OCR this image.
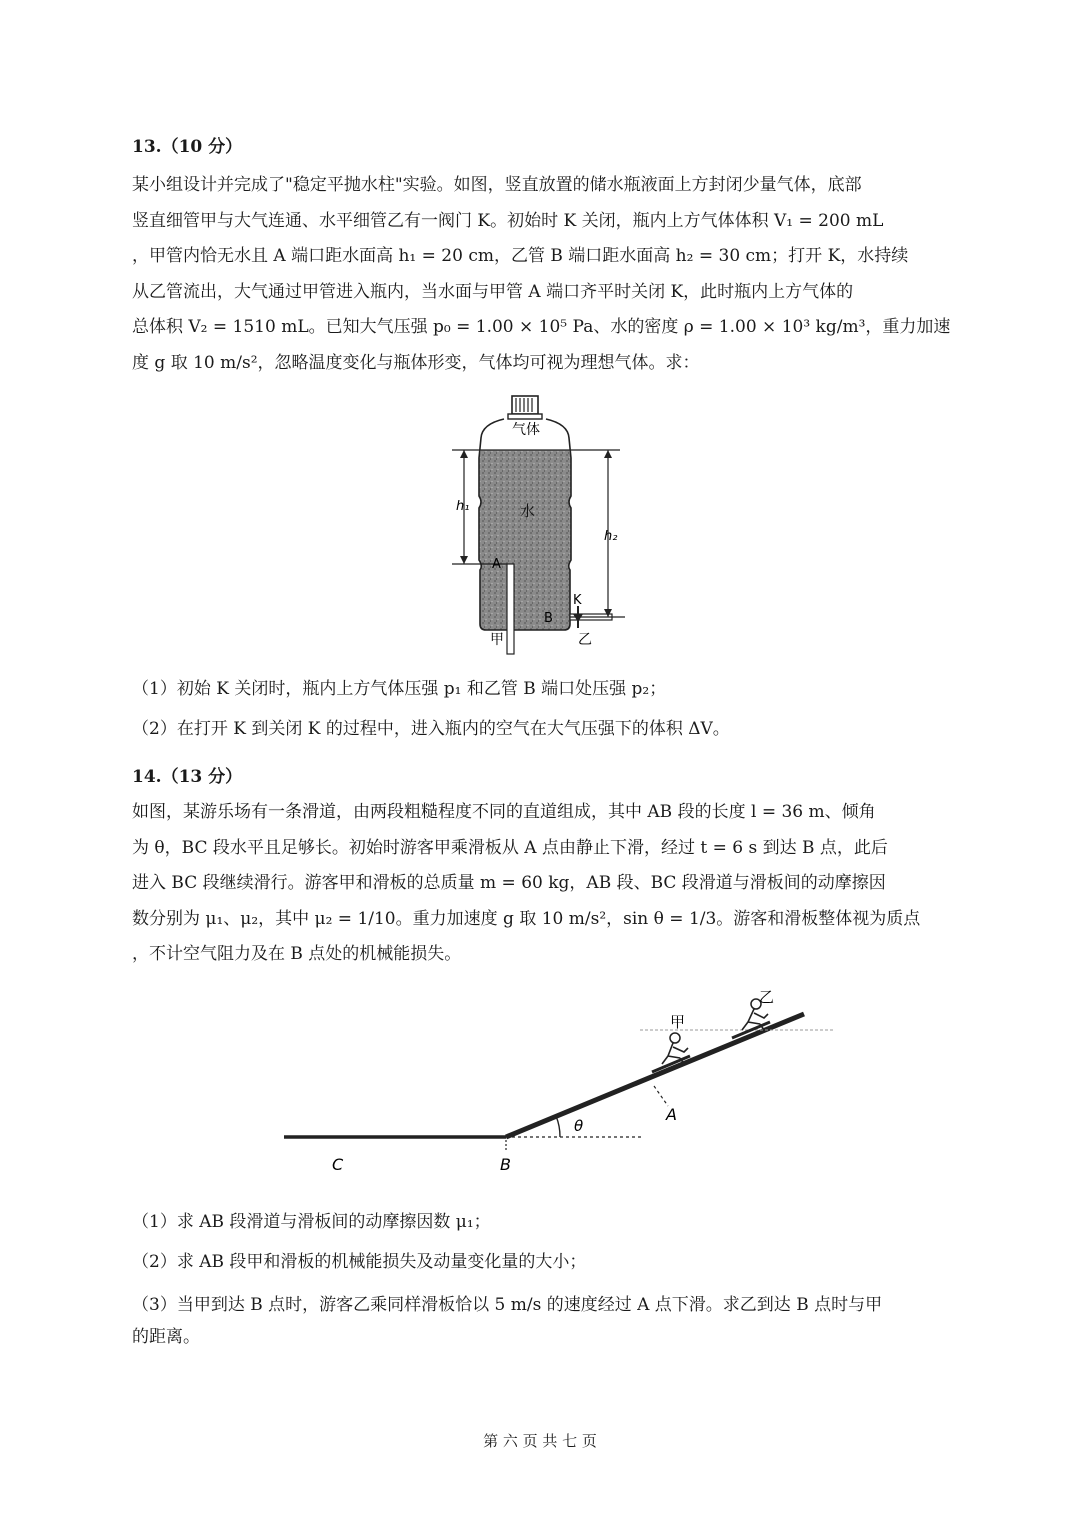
13.（10 分）
某小组设计并完成了"稳定平抛水柱"实验。如图，竖直放置的储水瓶液面上方封闭少量气体，底部
竖直细管甲与大气连通、水平细管乙有一阀门 K。初始时 K 关闭，瓶内上方气体体积 V₁ = 200 mL
，甲管内恰无水且 A 端口距水面高 h₁ = 20 cm，乙管 B 端口距水面高 h₂ = 30 cm；打开 K，水持续
从乙管流出，大气通过甲管进入瓶内，当水面与甲管 A 端口齐平时关闭 K，此时瓶内上方气体的
总体积 V₂ = 1510 mL。已知大气压强 p₀ = 1.00 × 10⁵ Pa、水的密度 ρ = 1.00 × 10³ kg/m³，重力加速
度 g 取 10 m/s²，忽略温度变化与瓶体形变，气体均可视为理想气体。求：
气体
水
h₁
h₂
A
B
K
甲	乙
（1）初始 K 关闭时，瓶内上方气体压强 p₁ 和乙管 B 端口处压强 p₂；
（2）在打开 K 到关闭 K 的过程中，进入瓶内的空气在大气压强下的体积 ΔV。
14.（13 分）
如图，某游乐场有一条滑道，由两段粗糙程度不同的直道组成，其中 AB 段的长度 l = 36 m、倾角
为 θ，BC 段水平且足够长。初始时游客甲乘滑板从 A 点由静止下滑，经过 t = 6 s 到达 B 点，此后
进入 BC 段继续滑行。游客甲和滑板的总质量 m = 60 kg，AB 段、BC 段滑道与滑板间的动摩擦因
数分别为 μ₁、μ₂，其中 μ₂ = 1/10。重力加速度 g 取 10 m/s²，sin θ = 1/3。游客和滑板整体视为质点
，不计空气阻力及在 B 点处的机械能损失。
C	B
A
θ
甲
乙
（1）求 AB 段滑道与滑板间的动摩擦因数 μ₁；
（2）求 AB 段甲和滑板的机械能损失及动量变化量的大小；
（3）当甲到达 B 点时，游客乙乘同样滑板恰以 5 m/s 的速度经过 A 点下滑。求乙到达 B 点时与甲
的距离。
第 六 页 共 七 页
